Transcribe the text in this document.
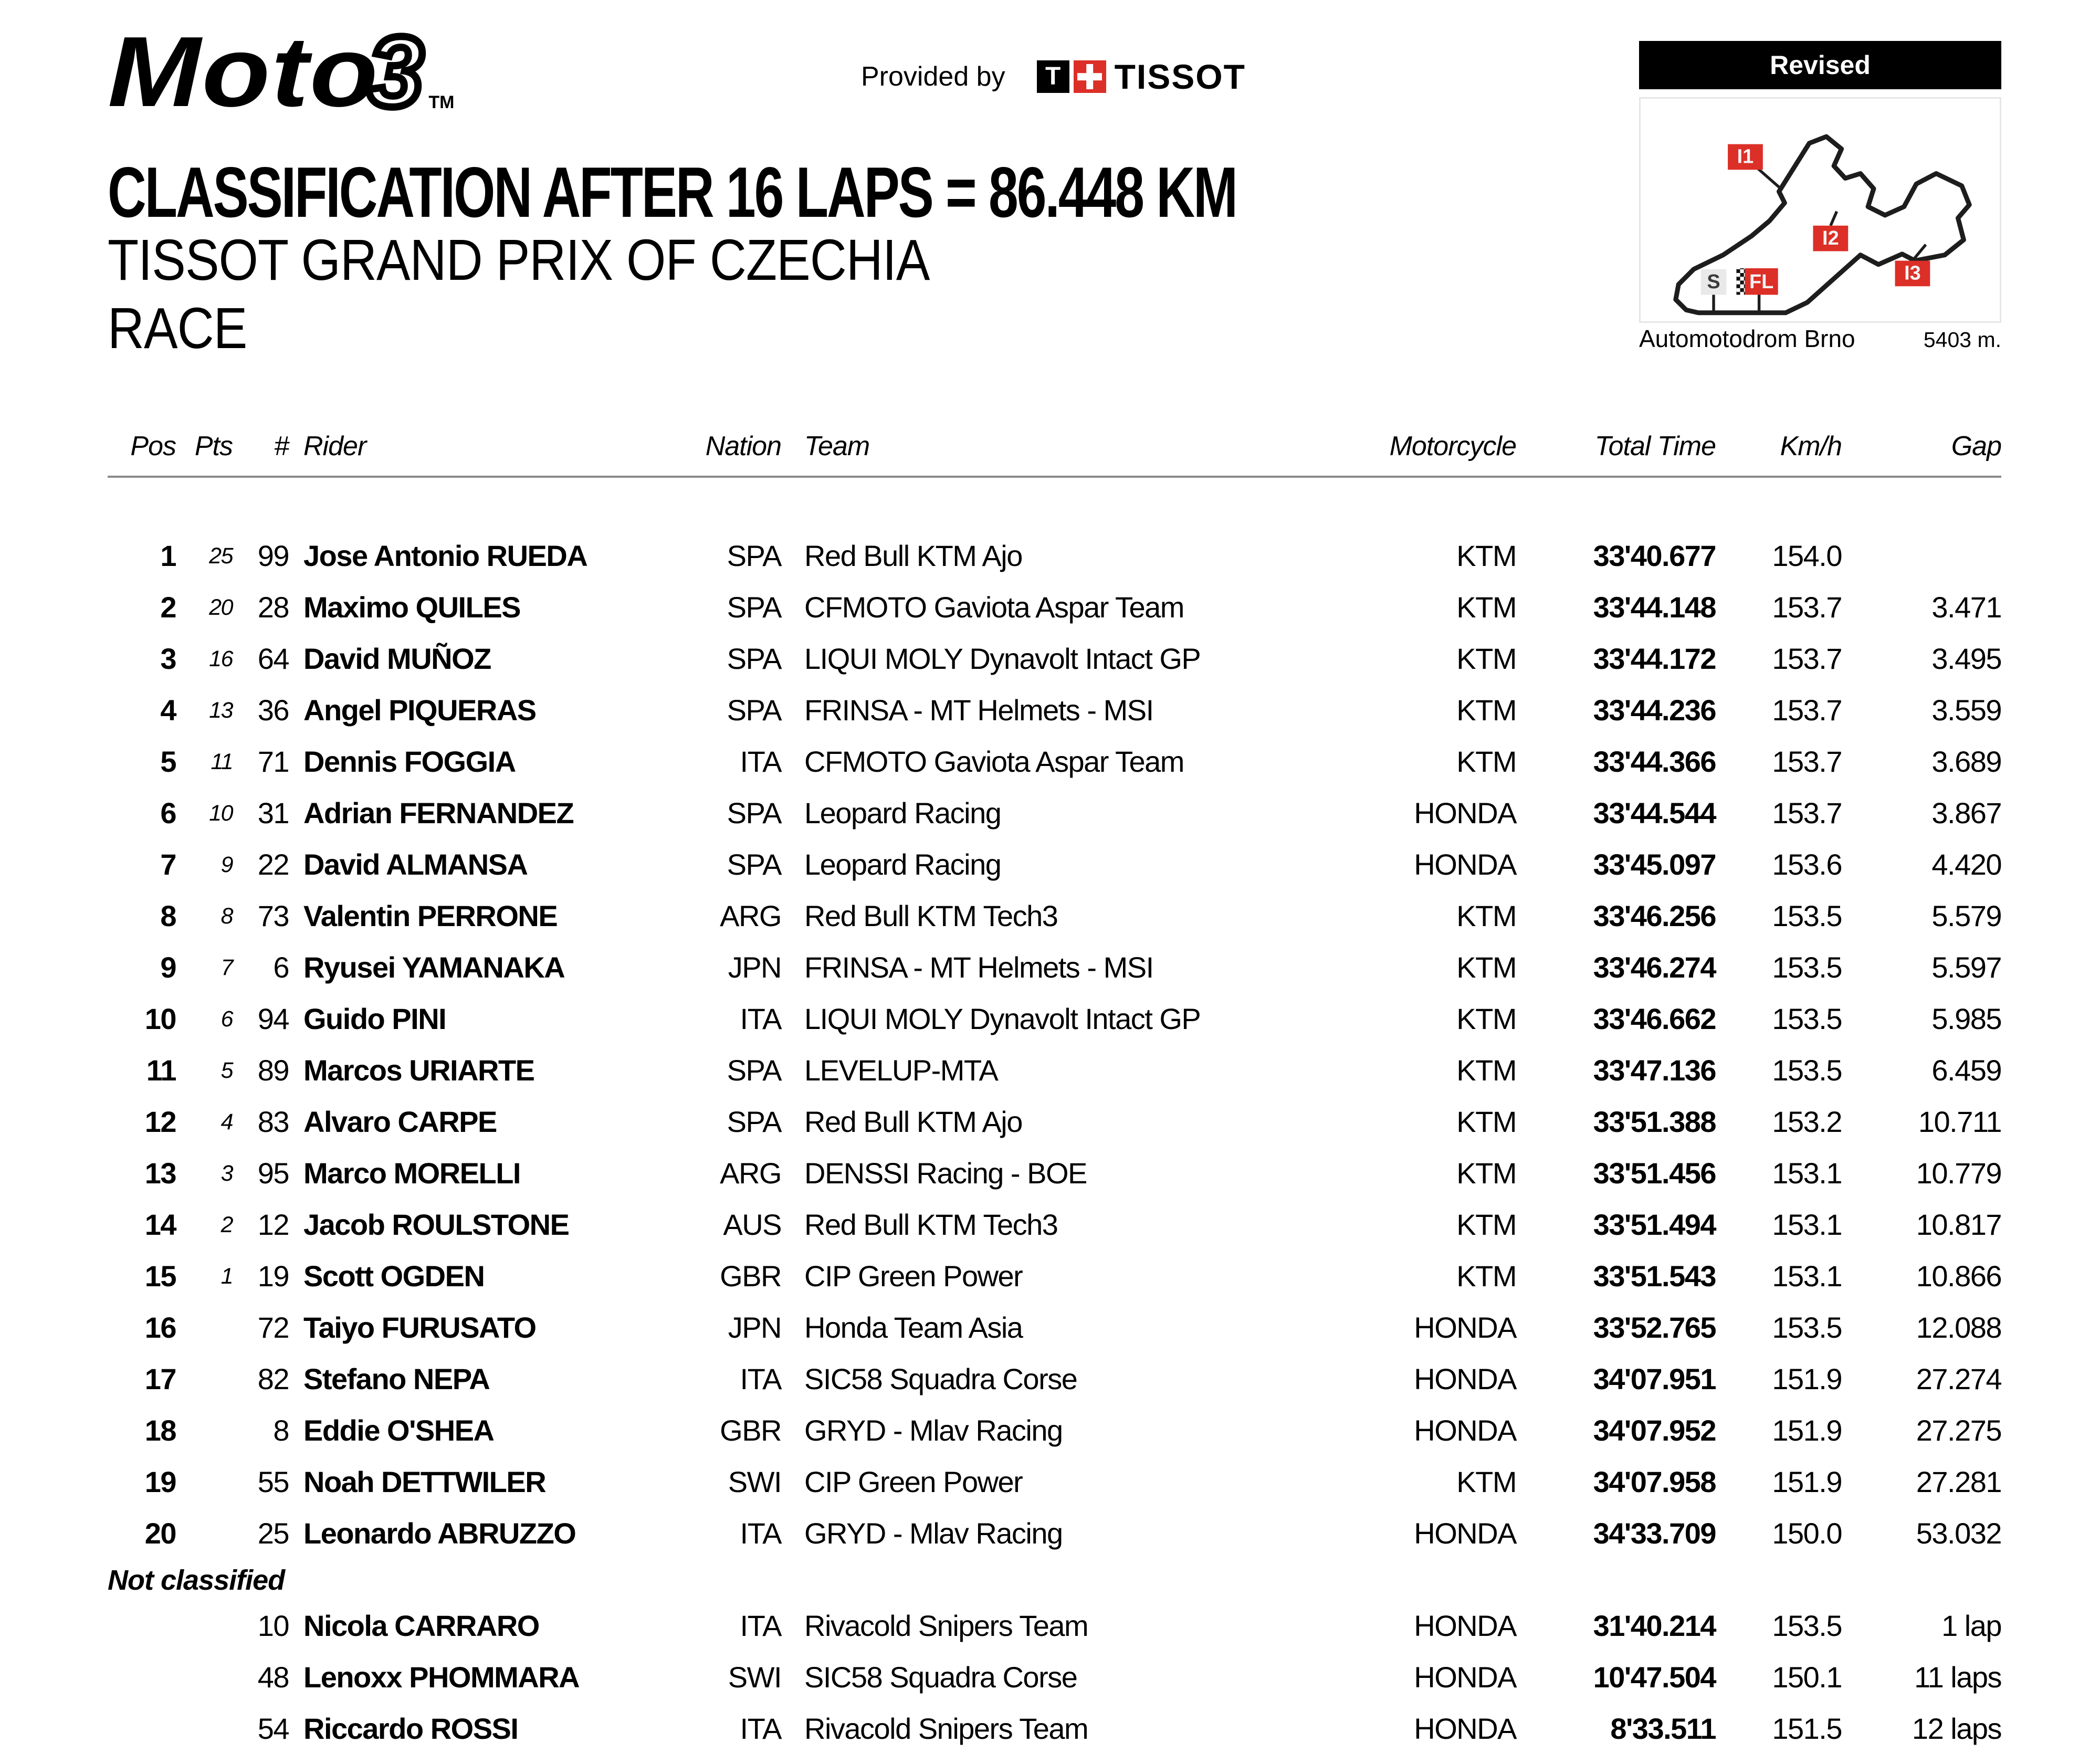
Moto
3 TM
Provided by T TISSOT	Revised
I1
I2
I3
S FL
Automotodrom Brno	5403 m.
CLASSIFICATION AFTER 16 LAPS = 86.448 KM
TISSOT GRAND PRIX OF CZECHIA
RACE
Pos Pts	# Rider	Nation Team	Motorcycle	Total Time	Km/h	Gap
1	25 99 Jose Antonio RUEDA	SPA Red Bull KTM Ajo	KTM	33'40.677	154.0
2	20 28 Maximo QUILES	SPA CFMOTO Gaviota Aspar Team	KTM	33'44.148	153.7	3.471
3	16 64 David MUÑOZ	SPA LIQUI MOLY Dynavolt Intact GP	KTM	33'44.172	153.7	3.495
4	13 36 Angel PIQUERAS	SPA FRINSA - MT Helmets - MSI	KTM	33'44.236	153.7	3.559
5	11 71 Dennis FOGGIA	ITA CFMOTO Gaviota Aspar Team	KTM	33'44.366	153.7	3.689
6	10 31 Adrian FERNANDEZ	SPA Leopard Racing	HONDA	33'44.544	153.7	3.867
7	9 22 David ALMANSA	SPA Leopard Racing	HONDA	33'45.097	153.6	4.420
8	8 73 Valentin PERRONE	ARG Red Bull KTM Tech3	KTM	33'46.256	153.5	5.579
9	7	6 Ryusei YAMANAKA	JPN FRINSA - MT Helmets - MSI	KTM	33'46.274	153.5	5.597
10	6 94 Guido PINI	ITA LIQUI MOLY Dynavolt Intact GP	KTM	33'46.662	153.5	5.985
11	5 89 Marcos URIARTE	SPA LEVELUP-MTA	KTM	33'47.136	153.5	6.459
12	4 83 Alvaro CARPE	SPA Red Bull KTM Ajo	KTM	33'51.388	153.2	10.711
13	3 95 Marco MORELLI	ARG DENSSI Racing - BOE	KTM	33'51.456	153.1	10.779
14	2 12 Jacob ROULSTONE	AUS Red Bull KTM Tech3	KTM	33'51.494	153.1	10.817
15	1 19 Scott OGDEN	GBR CIP Green Power	KTM	33'51.543	153.1	10.866
16	72 Taiyo FURUSATO	JPN Honda Team Asia	HONDA	33'52.765	153.5	12.088
17	82 Stefano NEPA	ITA SIC58 Squadra Corse	HONDA	34'07.951	151.9	27.274
18	8 Eddie O'SHEA	GBR GRYD - Mlav Racing	HONDA	34'07.952	151.9	27.275
19	55 Noah DETTWILER	SWI CIP Green Power	KTM	34'07.958	151.9	27.281
20	25 Leonardo ABRUZZO	ITA GRYD - Mlav Racing	HONDA	34'33.709	150.0	53.032
Not classified
10 Nicola CARRARO	ITA Rivacold Snipers Team	HONDA	31'40.214	153.5	1 lap
48 Lenoxx PHOMMARA	SWI SIC58 Squadra Corse	HONDA	10'47.504	150.1	11 laps
54 Riccardo ROSSI	ITA Rivacold Snipers Team	HONDA	8'33.511	151.5	12 laps
